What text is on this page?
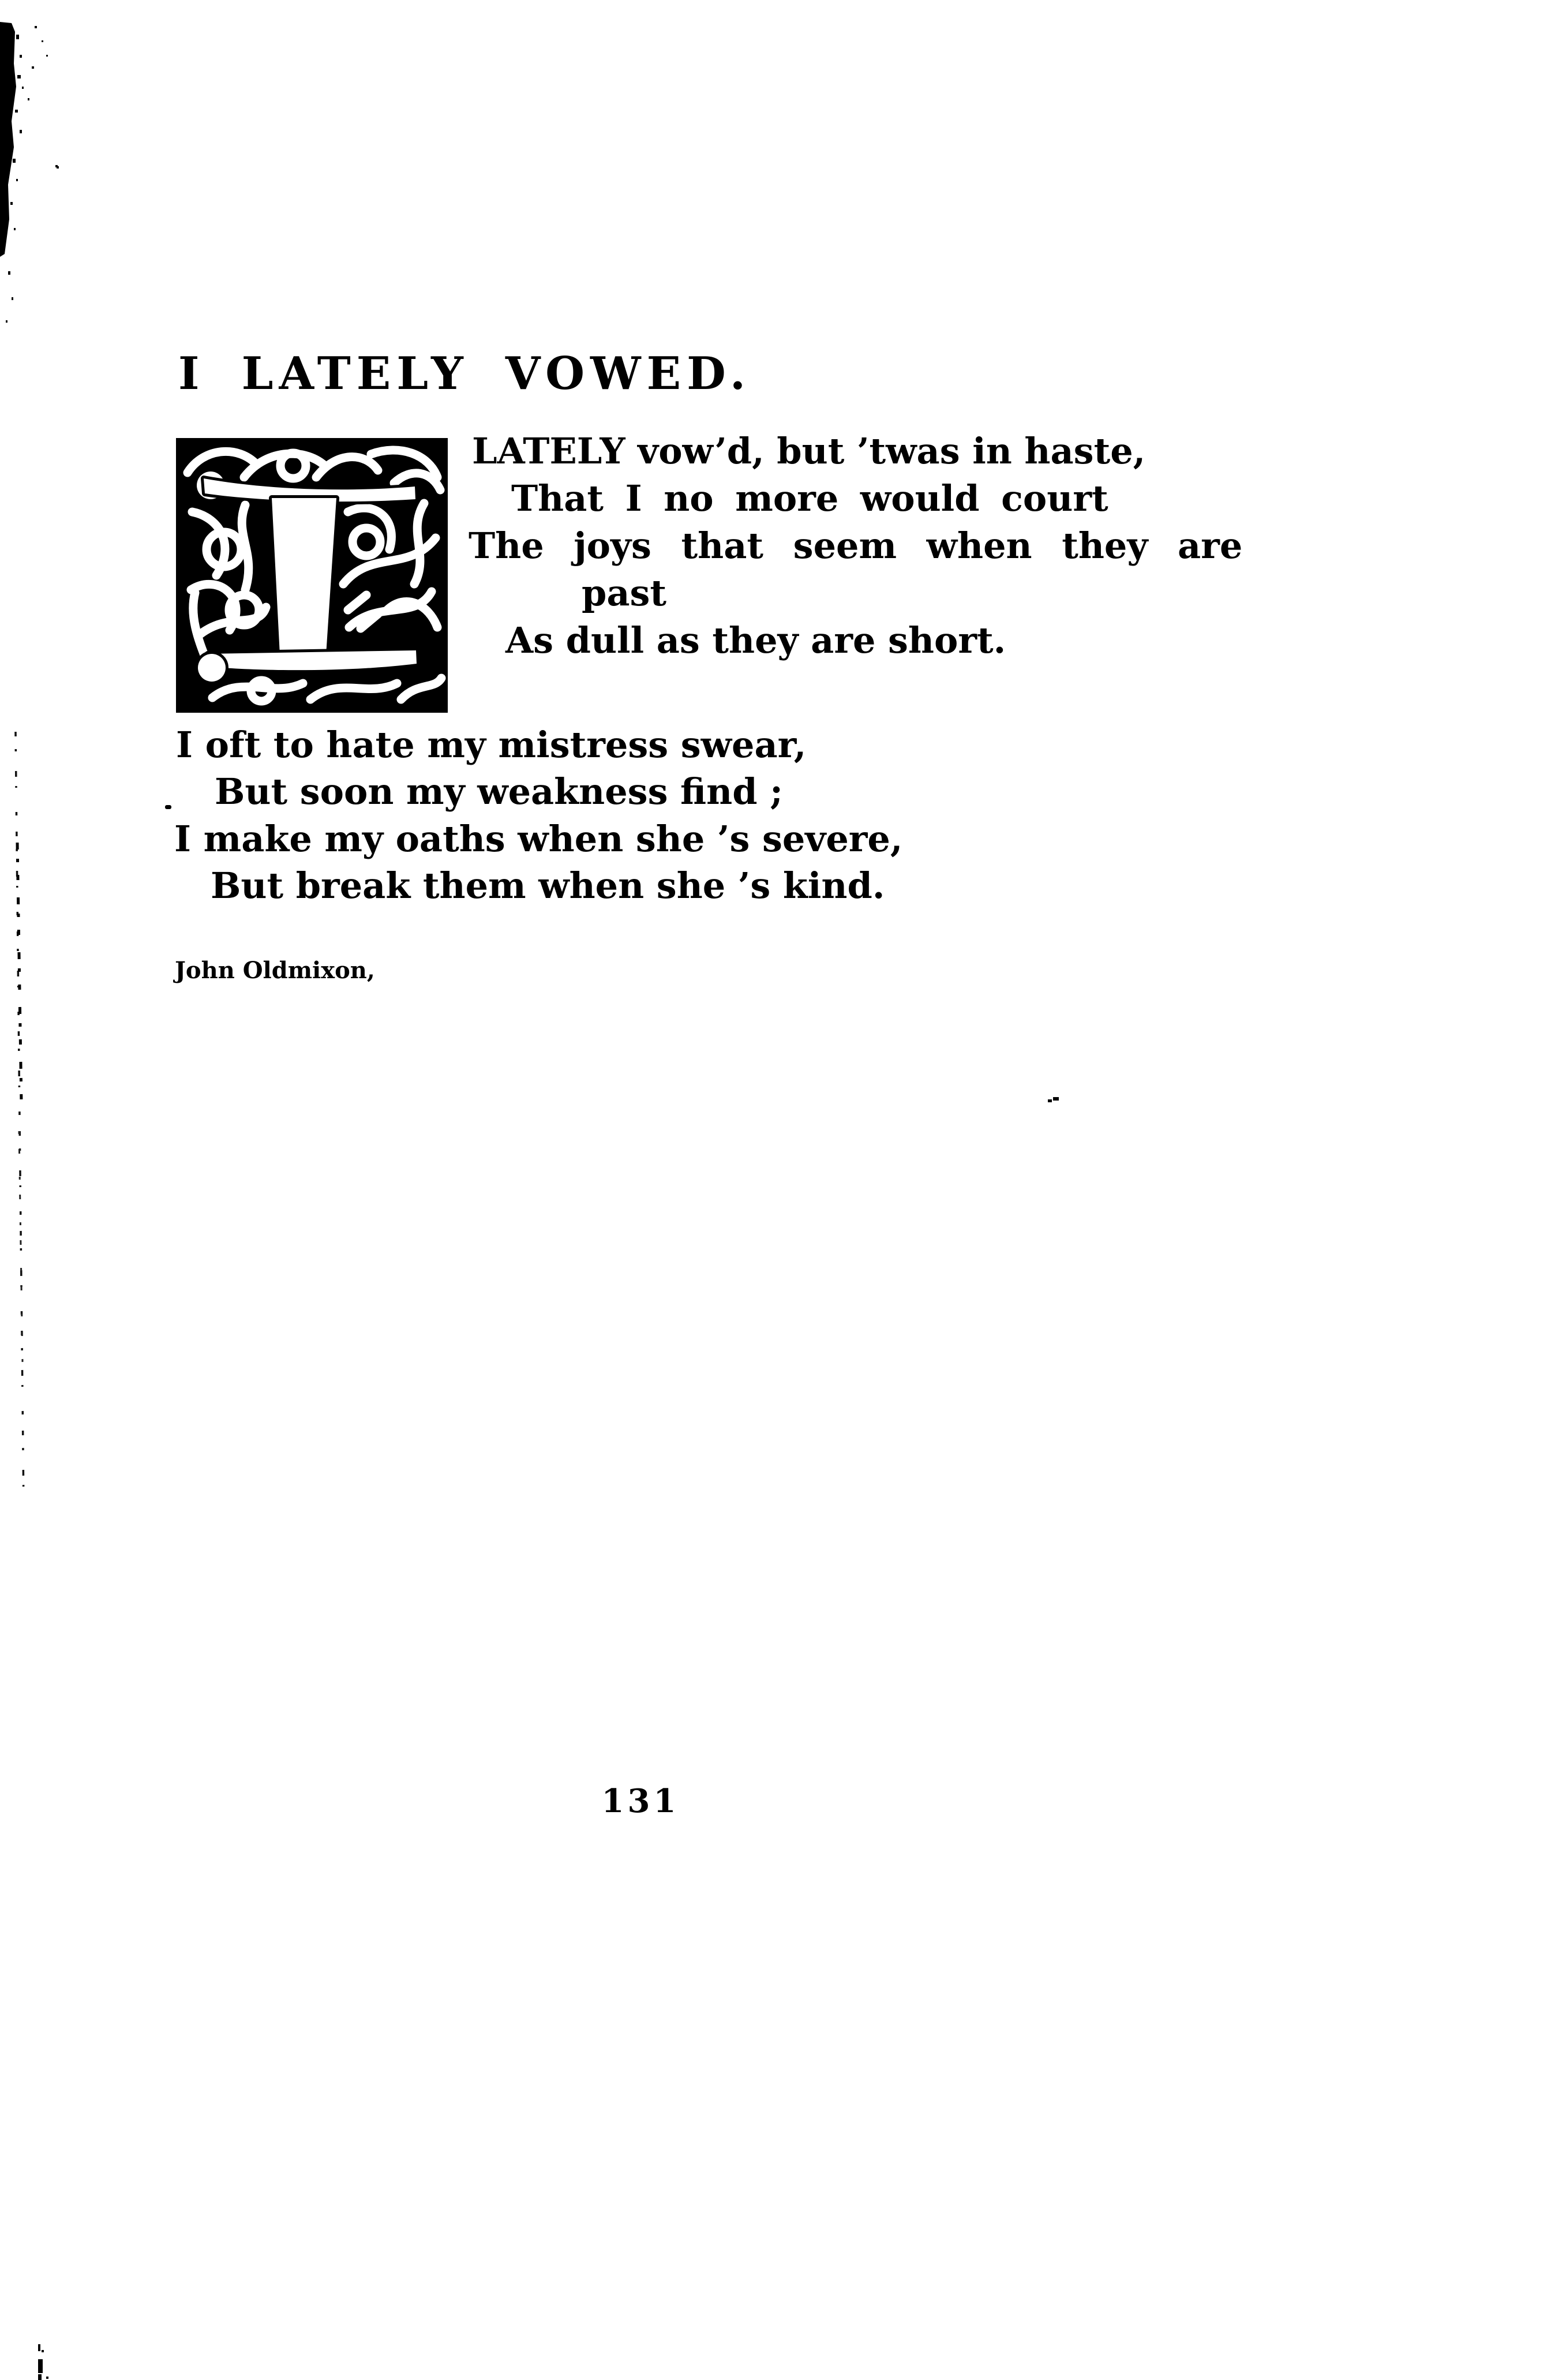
I LATELY VOWED.
LATELY vow’d, but ’twas in haste,
That I no more would court
The joys that seem when they are
past
As dull as they are short.
I oft to hate my mistress swear,
But soon my weakness find ;
I make my oaths when she ’s severe,
But break them when she ’s kind.
John Oldmixon,
131
